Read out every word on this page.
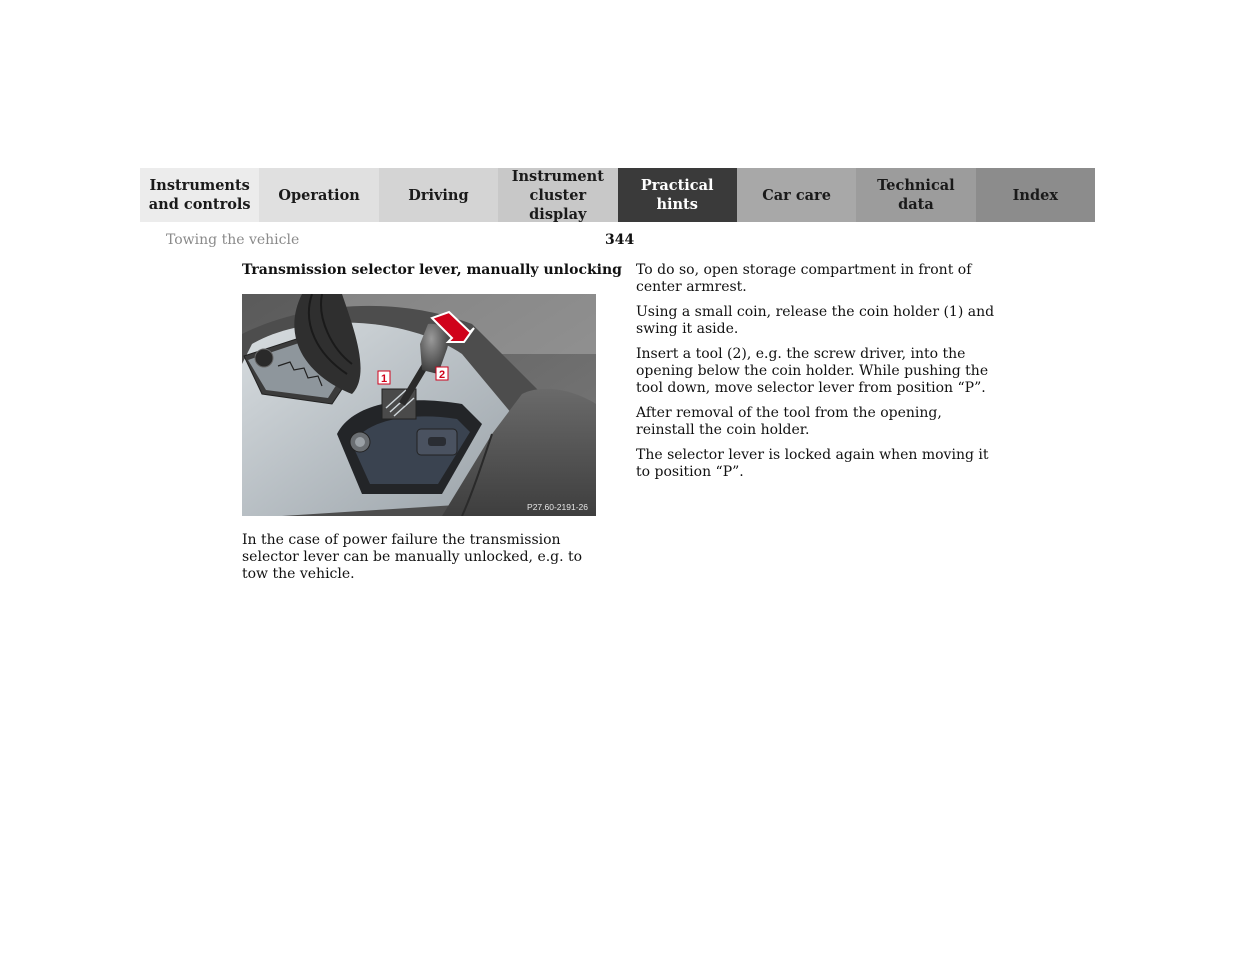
Instruments
and controls
Operation	Driving
Instrument
cluster display
Practical hints
Car care
Technical
data
Index
Towing the vehicle	344
Transmission selector lever, manually unlocking
1	2
P27.60-2191-26
In the case of power failure the transmission selector lever can be manually unlocked, e.g. to tow the vehicle.

To do so, open storage compartment in front of center armrest.

Using a small coin, release the coin holder (1) and swing it aside.

Insert a tool (2), e.g. the screw driver, into the opening below the coin holder. While pushing the tool down, move selector lever from position “P”.

After removal of the tool from the opening, reinstall the coin holder.

The selector lever is locked again when moving it to position “P”.
